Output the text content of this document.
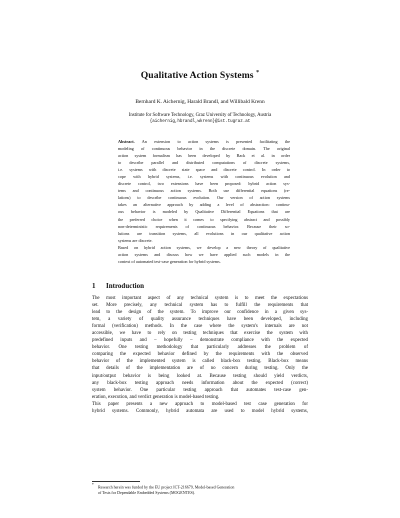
Qualitative Action Systems *
Bernhard K. Aichernig, Harald Brandl, and Willibald Krenn
Institute for Software Technology, Graz University of Technology, Austria
{aichernig,hbrandl,wkrenn}@ist.tugraz.at
Abstract. An extension to action systems is presented facilitating the
modeling of continuous behavior in the discrete domain. The original
action system formalism has been developed by Back et al. in order
to describe parallel and distributed computations of discrete systems,
i.e. systems with discrete state space and discrete control. In order to
cope with hybrid systems, i.e. systems with continuous evolution and
discrete control, two extensions have been proposed: hybrid action sys-
tems and continuous action systems. Both use differential equations (re-
lations) to describe continuous evolution. Our version of action systems
takes an alternative approach by adding a level of abstraction: continu-
ous behavior is modeled by Qualitative Differential Equations that are
the preferred choice when it comes to specifying abstract and possibly
non-deterministic requirements of continuous behavior. Because their so-
lutions are transition systems, all evolutions in our qualitative action
systems are discrete.
Based on hybrid action systems, we develop a new theory of qualitative
action systems and discuss how we have applied such models in the
context of automated test-case generation for hybrid systems.
1 Introduction
The most important aspect of any technical system is to meet the expectations
set. More precisely, any technical system has to fulfill the requirements that
lead to the design of the system. To improve our confidence in a given sys-
tem, a variety of quality assurance techniques have been developed, including
formal (verification) methods. In the case where the system's internals are not
accessible, we have to rely on testing techniques that exercise the system with
predefined inputs and – hopefully – demonstrate compliance with the expected
behavior. One testing methodology that particularly addresses the problem of
comparing the expected behavior defined by the requirements with the observed
behavior of the implemented system is called black-box testing. Black-box means
that details of the implementation are of no concern during testing. Only the
input/output behavior is being looked at. Because testing should yield verdicts,
any black-box testing approach needs information about the expected (correct)
system behavior. One particular testing approach that automates test-case gen-
eration, execution, and verdict generation is model-based testing.
This paper presents a new approach to model-based test case generation for
hybrid systems. Commonly, hybrid automata are used to model hybrid systems,
* Research herein was funded by the EU project ICT-216679, Model-based Generation
of Tests for Dependable Embedded Systems (MOGENTES).
